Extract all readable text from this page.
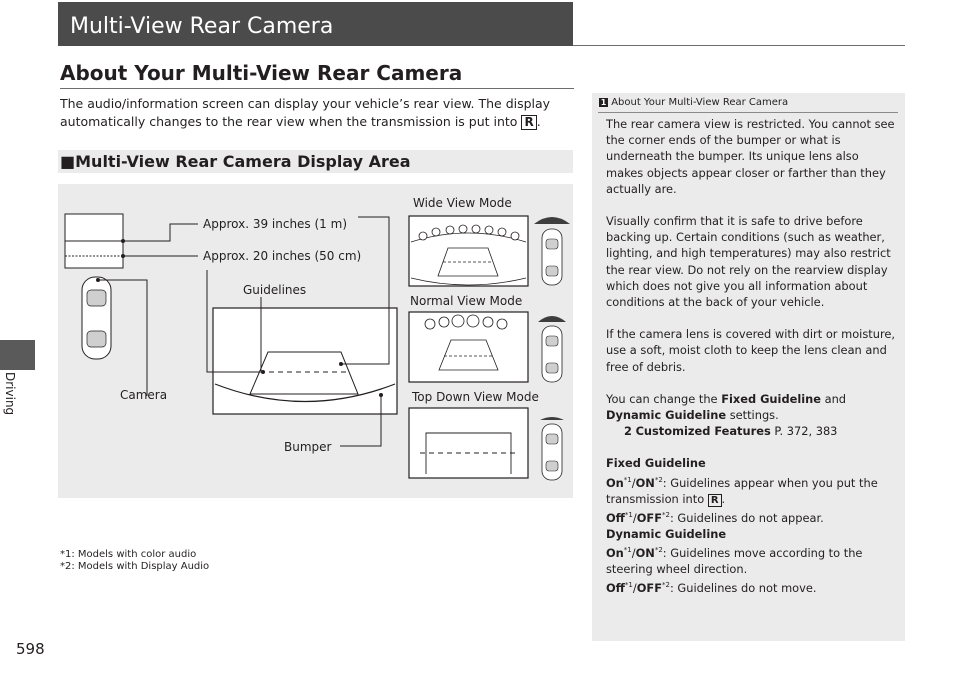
Driving
Multi-View Rear Camera
About Your Multi-View Rear Camera
The audio/information screen can display your vehicle’s rear view. The display automatically changes to the rear view when the transmission is put into R .
■Multi-View Rear Camera Display Area
Approx. 39 inches (1 m)
Approx. 20 inches (50 cm)
Guidelines
Camera
Bumper
Wide View Mode
Normal View Mode
Top Down View Mode
*1: Models with color audio
*2: Models with Display Audio
1 About Your Multi-View Rear Camera

The rear camera view is restricted. You cannot see the corner ends of the bumper or what is underneath the bumper. Its unique lens also makes objects appear closer or farther than they actually are.

Visually confirm that it is safe to drive before backing up. Certain conditions (such as weather, lighting, and high temperatures) may also restrict the rear view. Do not rely on the rearview display which does not give you all information about conditions at the back of your vehicle.

If the camera lens is covered with dirt or moisture, use a soft, moist cloth to keep the lens clean and free of debris.

You can change the Fixed Guideline and Dynamic Guideline settings.

2 Customized Features P. 372, 383

Fixed Guideline
On$^{*1}$/ON$^{*2}$: Guidelines appear when you put the transmission into R .
Off$^{*1}$/OFF$^{*2}$: Guidelines do not appear.
Dynamic Guideline
On$^{*1}$/ON$^{*2}$: Guidelines move according to the steering wheel direction.
Off$^{*1}$/OFF$^{*2}$: Guidelines do not move.
598
